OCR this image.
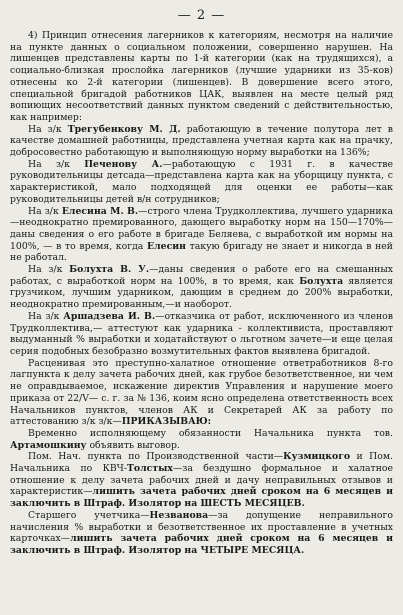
— 2 —

4) Принцип отнесения лагерников к категориям, несмотря на наличие на пункте данных о социальном положении, совершенно нарушен. На лишенцев представлены карты по 1-й категории (как на трудящихся), а социально-близкая прослойка лагерников (лучшие ударники из 35-ков) отнесены ко 2-й категории (лишенцев). В довершение всего этого, специальной бригадой работников ЦАК, выявлен на месте целый ряд вопиющих несоответствий данных пунктом сведений с действительностью, как например:

На з/к Трегубенкову М. Д. работающую в течение полутора лет в качестве домашней работницы, представлена учетная карта как на прачку, добросовестно работающую и выполняющую норму выработки на 136%;

На з/к Печенову А.—работающую с 1931 г. в качестве руководительницы детсада—представлена карта как на уборщицу пункта, с характеристикой, мало подходящей для оценки ее работы—как руководительницы детей в/н сотрудников;

На з/к Елесина М. В.—строго члена Трудколлектива, лучшего ударника—неоднократно премированного, дающего выработку норм на 150—170%—даны сведения о его работе в бригаде Беляева, с выработкой им нормы на 100%, — в то время, когда Елесин такую бригаду не знает и никогда в ней не работал.

На з/к Болухта В. У.—даны сведения о работе его на смешанных работах, с выработкой норм на 100%, в то время, как Болухта является грузчиком, лучшим ударником, дающим в среднем до 200% выработки, неоднократно премированным,—и наоборот.

На з/к Аршадзева И. В.—отказчика от работ, исключенного из членов Трудколлектива,— аттестуют как ударника - коллективиста, проставляют выдуманный % выработки и ходатайствуют о льготном зачете—и еще целая серия подобных безобразно возмутительных фактов выявлена бригадой.

Расценивая это преступно-халатное отношение ответработников 8-го лагпункта к делу зачета рабочих дней, как грубое безответственное, ни чем не оправдываемое, искажение директив Управления и нарушение моего приказа от 22/V— с. г. за № 136, коим ясно определена ответственность всех Начальников пунктов, членов АК и Секретарей АК за работу по аттестованию з/к з/к—ПРИКАЗЫВАЮ:

Временно исполняющему обязанности Начальника пункта тов. Артамошкину объявить выговор.

Пом. Нач. пункта по Производственной части—Кузмицкого и Пом. Начальника по КВЧ-Толстых—за бездушно формальное и халатное отношение к делу зачета рабочих дней и дачу неправильных отзывов и характеристик—лишить зачета рабочих дней сроком на 6 месяцев и заключить в Штраф. Изолятор на ШЕСТЬ МЕСЯЦЕВ.

Старшего учетчика—Незванова—за допущение неправильного начисления % выработки и безответственное их проставление в учетных карточках—лишить зачета рабочих дней сроком на 6 месяцев и заключить в Штраф. Изолятор на ЧЕТЫРЕ МЕСЯЦА.
